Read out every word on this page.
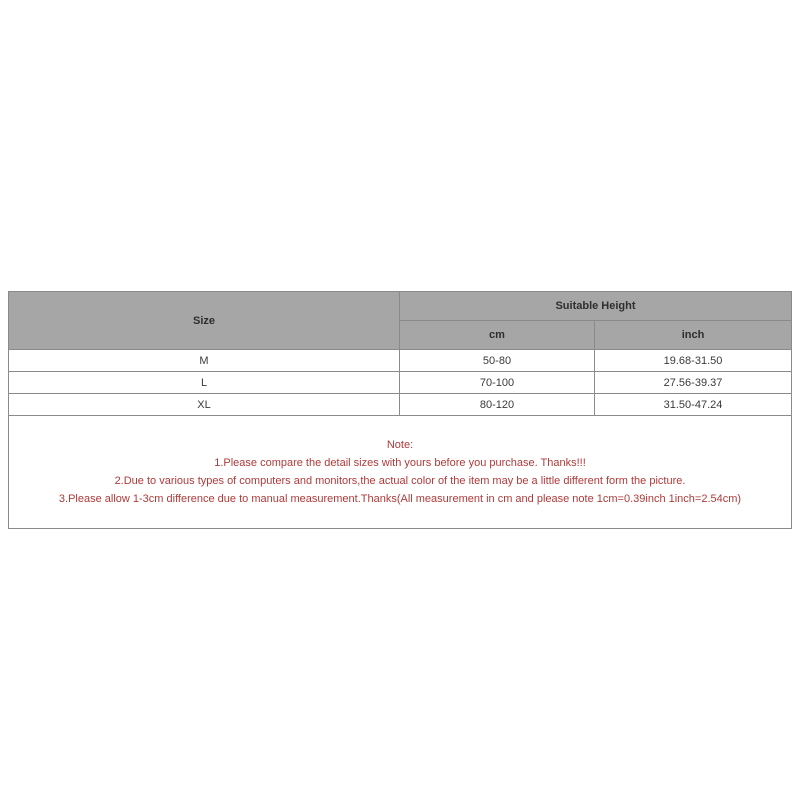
Size	Suitable Height	
	cm	inch
M	50-80	19.68-31.50
L	70-100	27.56-39.37
XL	80-120	31.50-47.24

Note:
1.Please compare the detail sizes with yours before you purchase. Thanks!!!
2.Due to various types of computers and monitors,the actual color of the item may be a little different form the picture.
3.Please allow 1-3cm difference due to manual measurement.Thanks(All measurement in cm and please note 1cm=0.39inch 1inch=2.54cm)		
